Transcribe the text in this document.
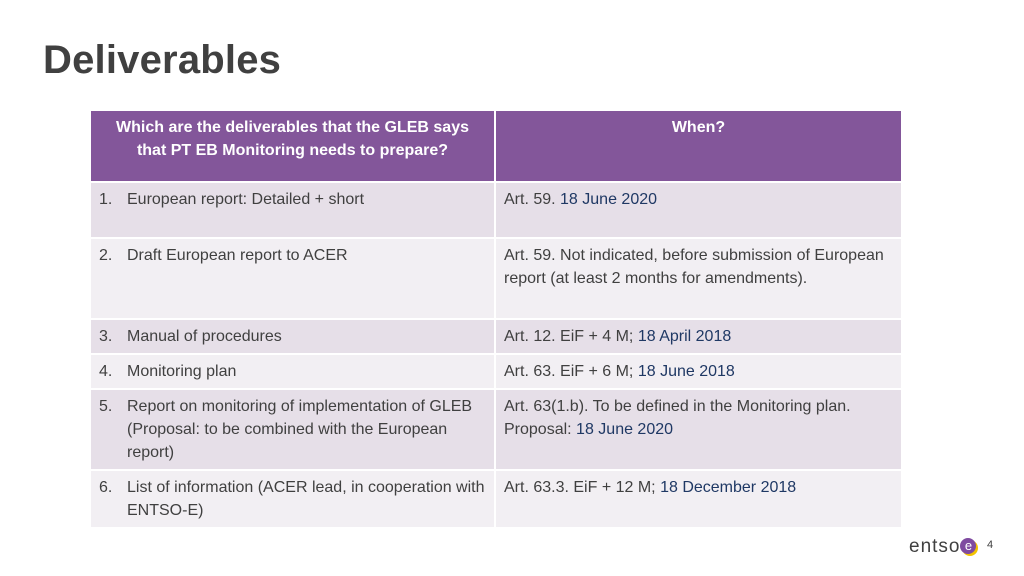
Deliverables
Which are the deliverables that the GLEB says that PT EB Monitoring needs to prepare?	When?

1. European report: Detailed + short	Art. 59. 18 June 2020

2. Draft European report to ACER	Art. 59. Not indicated, before submission of European report (at least 2 months for amendments).

3. Manual of procedures	Art. 12. EiF + 4 M; 18 April 2018

4. Monitoring plan	Art. 63. EiF + 6 M; 18 June 2018

5. Report on monitoring of implementation of GLEB (Proposal: to be combined with the European report)	Art. 63(1.b). To be defined in the Monitoring plan. Proposal: 18 June 2020

6. List of information (ACER lead, in cooperation with ENTSO-E)	Art. 63.3. EiF + 12 M; 18 December 2018
entso e	4
